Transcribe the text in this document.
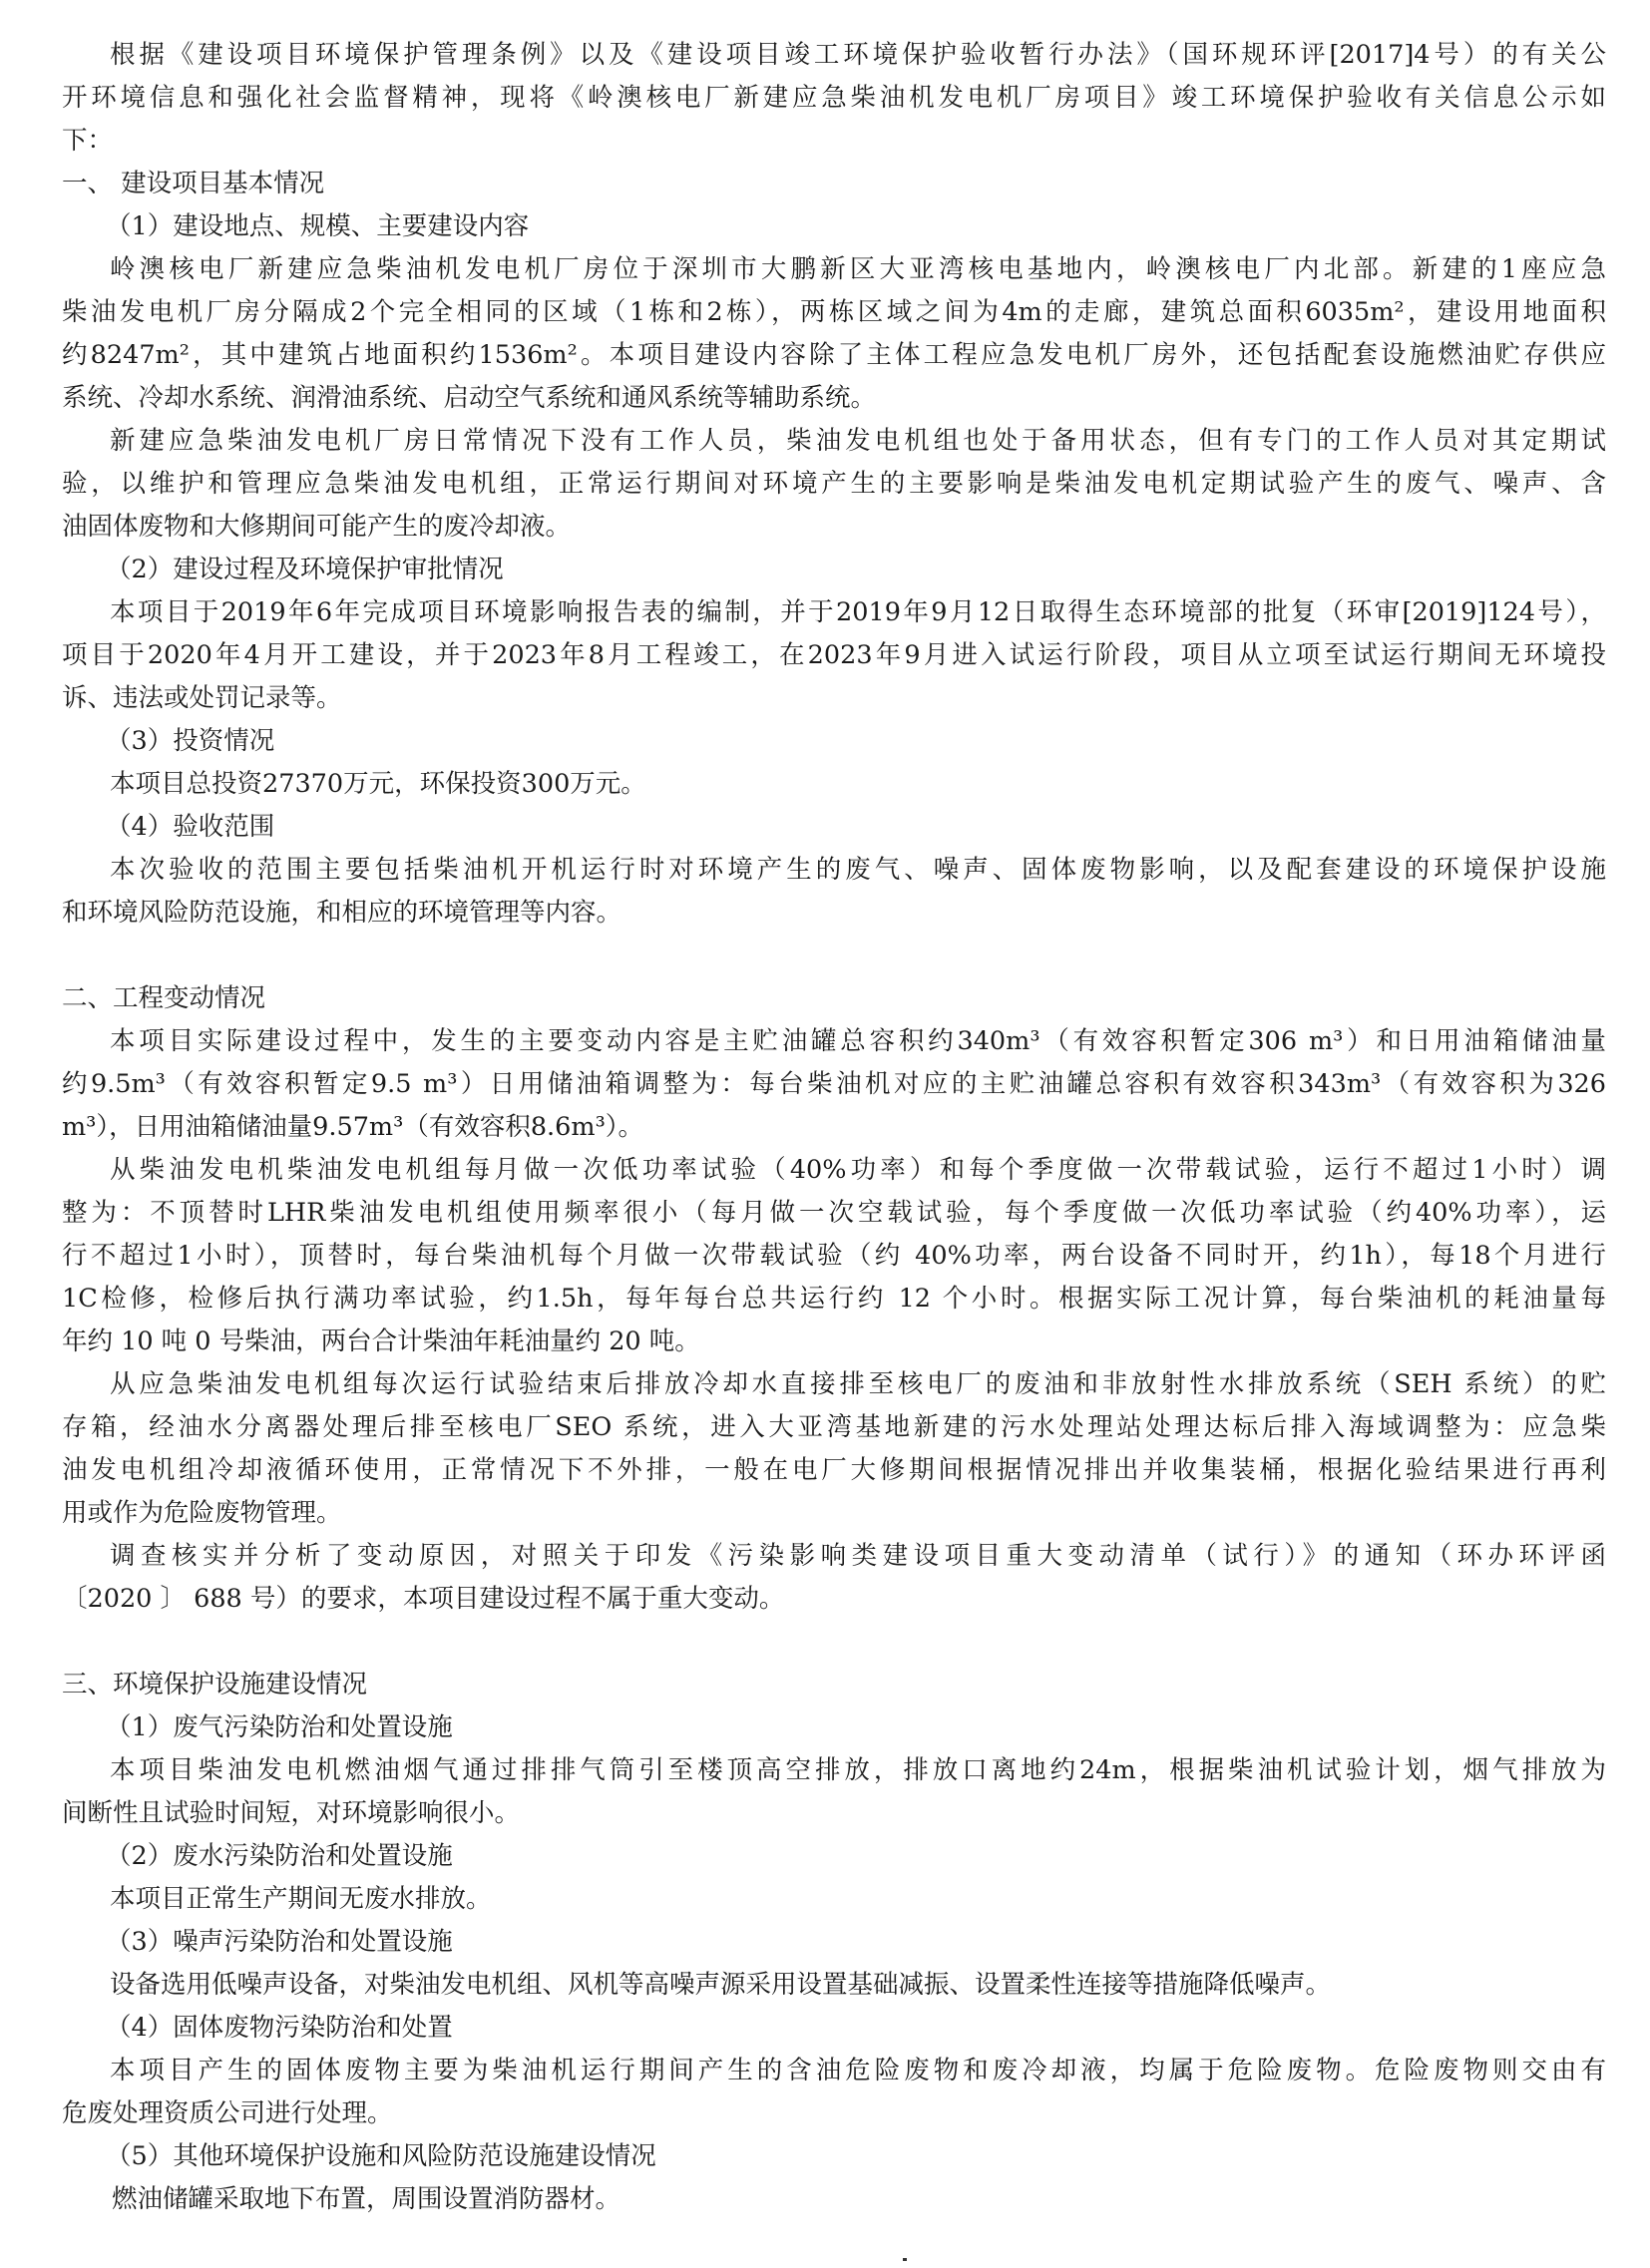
根据《建设项目环境保护管理条例》以及《建设项目竣工环境保护验收暂行办法》（国环规环评[2017]4号）的有关公
开环境信息和强化社会监督精神，现将《岭澳核电厂新建应急柴油机发电机厂房项目》竣工环境保护验收有关信息公示如
下：
一、 建设项目基本情况
（1）建设地点、规模、主要建设内容
岭澳核电厂新建应急柴油机发电机厂房位于深圳市大鹏新区大亚湾核电基地内，岭澳核电厂内北部。新建的1座应急
柴油发电机厂房分隔成2个完全相同的区域（1栋和2栋），两栋区域之间为4m的走廊，建筑总面积6035m²，建设用地面积
约8247m²，其中建筑占地面积约1536m²。本项目建设内容除了主体工程应急发电机厂房外，还包括配套设施燃油贮存供应
系统、冷却水系统、润滑油系统、启动空气系统和通风系统等辅助系统。
新建应急柴油发电机厂房日常情况下没有工作人员，柴油发电机组也处于备用状态，但有专门的工作人员对其定期试
验，以维护和管理应急柴油发电机组，正常运行期间对环境产生的主要影响是柴油发电机定期试验产生的废气、噪声、含
油固体废物和大修期间可能产生的废冷却液。
（2）建设过程及环境保护审批情况
本项目于2019年6年完成项目环境影响报告表的编制，并于2019年9月12日取得生态环境部的批复（环审[2019]124号），
项目于2020年4月开工建设，并于2023年8月工程竣工，在2023年9月进入试运行阶段，项目从立项至试运行期间无环境投
诉、违法或处罚记录等。
（3）投资情况
本项目总投资27370万元，环保投资300万元。
（4）验收范围
本次验收的范围主要包括柴油机开机运行时对环境产生的废气、噪声、固体废物影响，以及配套建设的环境保护设施
和环境风险防范设施，和相应的环境管理等内容。
二、工程变动情况
本项目实际建设过程中，发生的主要变动内容是主贮油罐总容积约340m³（有效容积暂定306 m³）和日用油箱储油量
约9.5m³（有效容积暂定9.5 m³）日用储油箱调整为：每台柴油机对应的主贮油罐总容积有效容积343m³（有效容积为326
m³），日用油箱储油量9.57m³（有效容积8.6m³）。
从柴油发电机柴油发电机组每月做一次低功率试验（40%功率）和每个季度做一次带载试验，运行不超过1小时）调
整为：不顶替时LHR柴油发电机组使用频率很小（每月做一次空载试验，每个季度做一次低功率试验（约40%功率），运
行不超过1小时），顶替时，每台柴油机每个月做一次带载试验（约 40%功率，两台设备不同时开，约1h），每18个月进行
1C检修，检修后执行满功率试验，约1.5h，每年每台总共运行约 12 个小时。根据实际工况计算，每台柴油机的耗油量每
年约 10 吨 0 号柴油，两台合计柴油年耗油量约 20 吨。
从应急柴油发电机组每次运行试验结束后排放冷却水直接排至核电厂的废油和非放射性水排放系统（SEH 系统）的贮
存箱，经油水分离器处理后排至核电厂SEO 系统，进入大亚湾基地新建的污水处理站处理达标后排入海域调整为：应急柴
油发电机组冷却液循环使用，正常情况下不外排，一般在电厂大修期间根据情况排出并收集装桶，根据化验结果进行再利
用或作为危险废物管理。
调查核实并分析了变动原因，对照关于印发《污染影响类建设项目重大变动清单（试行）》的通知（环办环评函
〔2020 〕 688 号）的要求，本项目建设过程不属于重大变动。
三、环境保护设施建设情况
（1）废气污染防治和处置设施
本项目柴油发电机燃油烟气通过排排气筒引至楼顶高空排放，排放口离地约24m，根据柴油机试验计划，烟气排放为
间断性且试验时间短，对环境影响很小。
（2）废水污染防治和处置设施
本项目正常生产期间无废水排放。
（3）噪声污染防治和处置设施
设备选用低噪声设备，对柴油发电机组、风机等高噪声源采用设置基础减振、设置柔性连接等措施降低噪声。
（4）固体废物污染防治和处置
本项目产生的固体废物主要为柴油机运行期间产生的含油危险废物和废冷却液，均属于危险废物。危险废物则交由有
危废处理资质公司进行处理。
（5）其他环境保护设施和风险防范设施建设情况
燃油储罐采取地下布置，周围设置消防器材。
